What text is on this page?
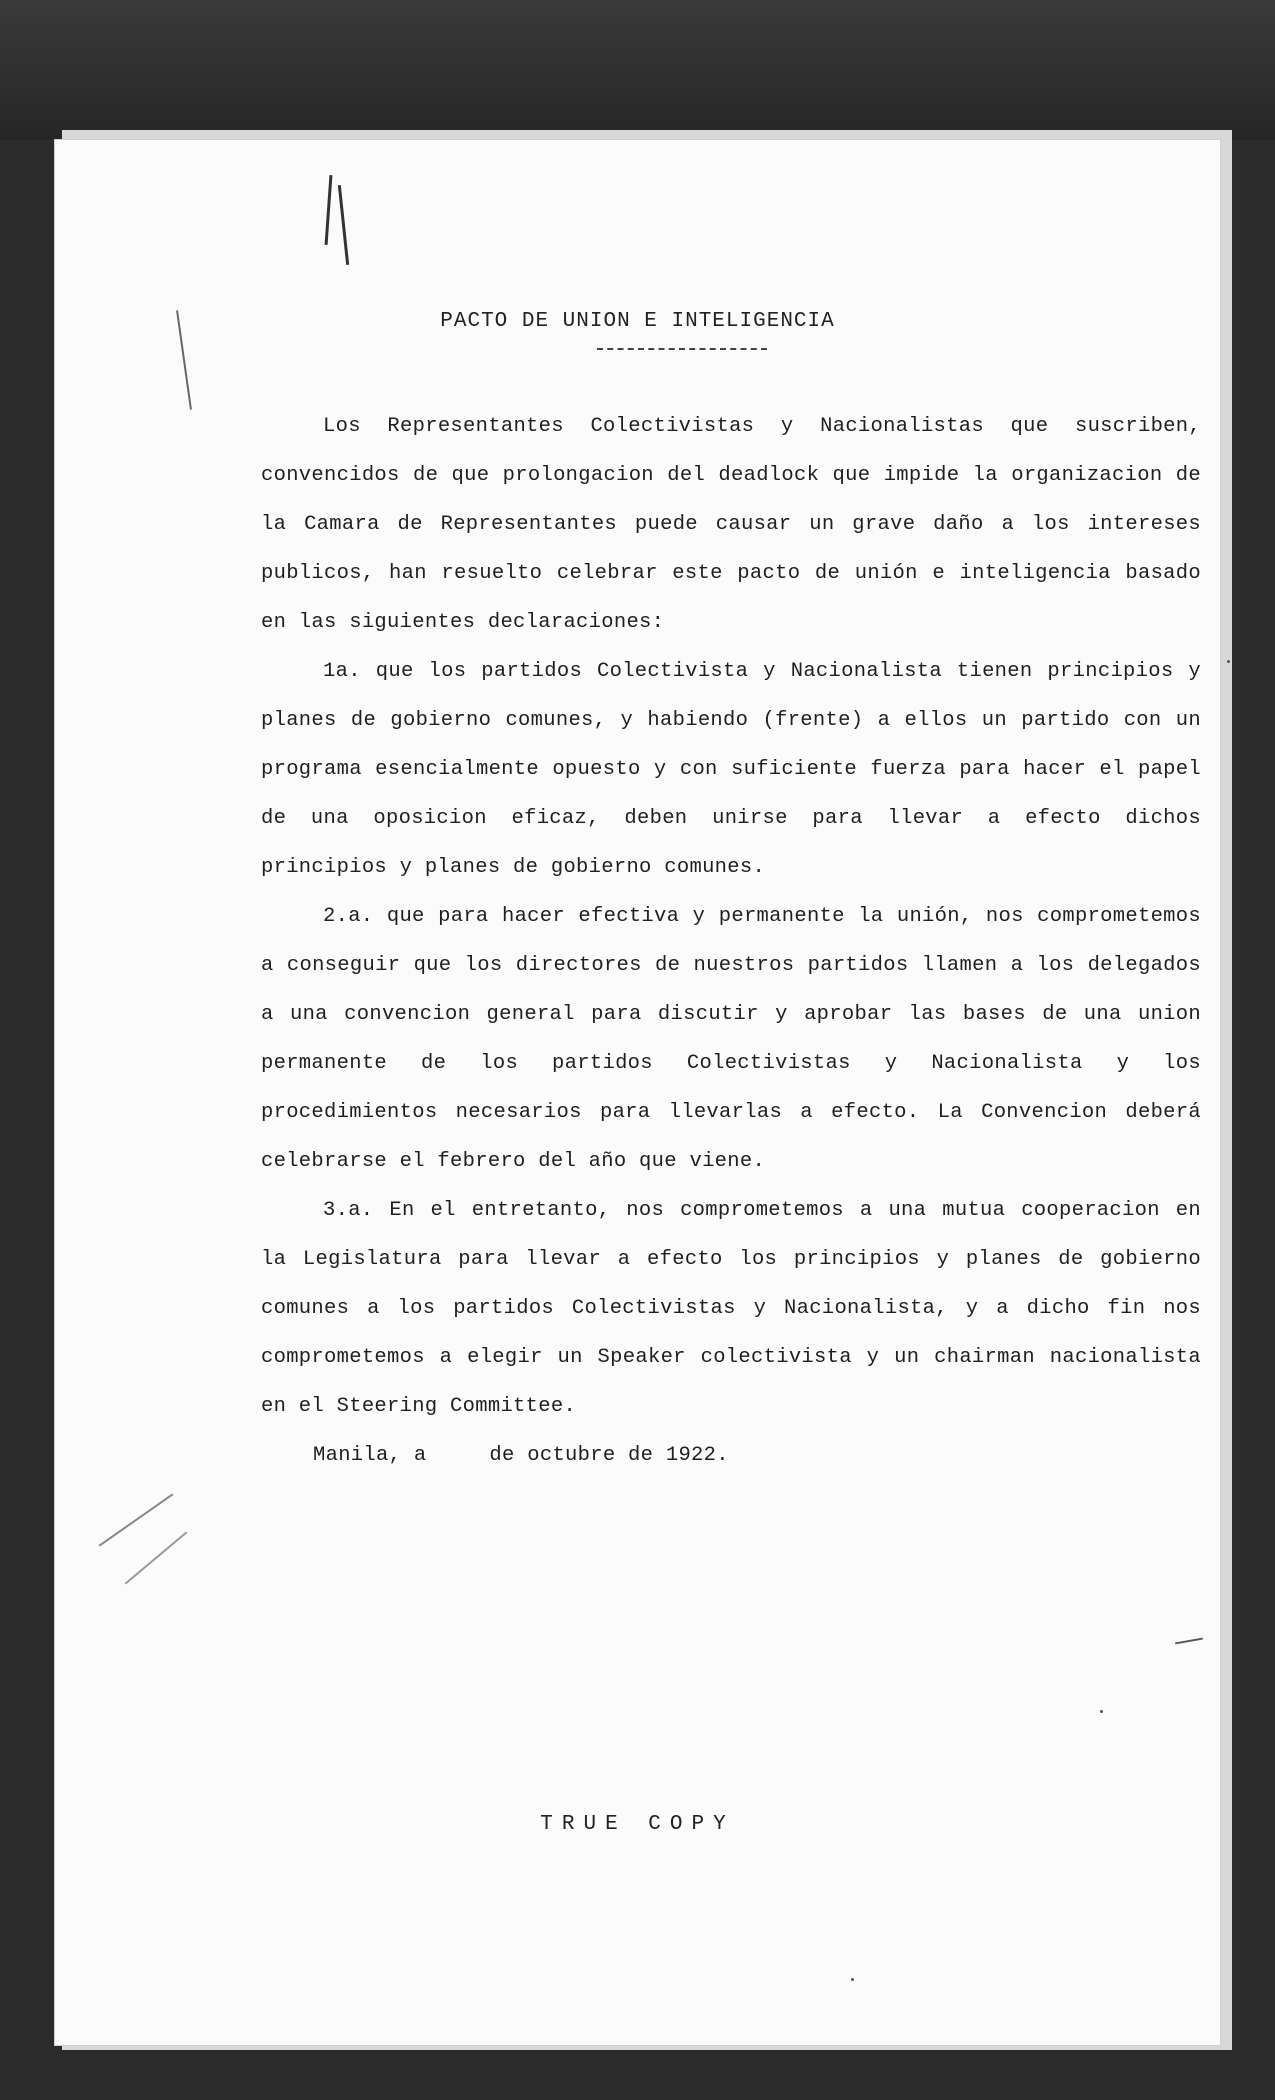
PACTO DE UNION E INTELIGENCIA

Los Representantes Colectivistas y Nacionalistas que suscriben, convencidos de que prolongacion del deadlock que impide la organizacion de la Camara de Representantes puede causar un grave daño a los intereses publicos, han resuelto celebrar este pacto de unión e inteligencia basado en las siguientes declaraciones:

1a. que los partidos Colectivista y Nacionalista tienen principios y planes de gobierno comunes, y habiendo (frente) a ellos un partido con un programa esencialmente opuesto y con suficiente fuerza para hacer el papel de una oposicion eficaz, deben unirse para llevar a efecto dichos principios y planes de gobierno comunes.

2.a. que para hacer efectiva y permanente la unión, nos comprometemos a conseguir que los directores de nuestros partidos llamen a los delegados a una convencion general para discutir y aprobar las bases de una union permanente de los partidos Colectivistas y Nacionalista y los procedimientos necesarios para llevarlas a efecto. La Convencion deberá celebrarse el febrero del año que viene.

3.a. En el entretanto, nos comprometemos a una mutua cooperacion en la Legislatura para llevar a efecto los principios y planes de gobierno comunes a los partidos Colectivistas y Nacionalista, y a dicho fin nos comprometemos a elegir un Speaker colectivista y un chairman nacionalista en el Steering Committee.

Manila, a     de octubre de 1922.

TRUE COPY
